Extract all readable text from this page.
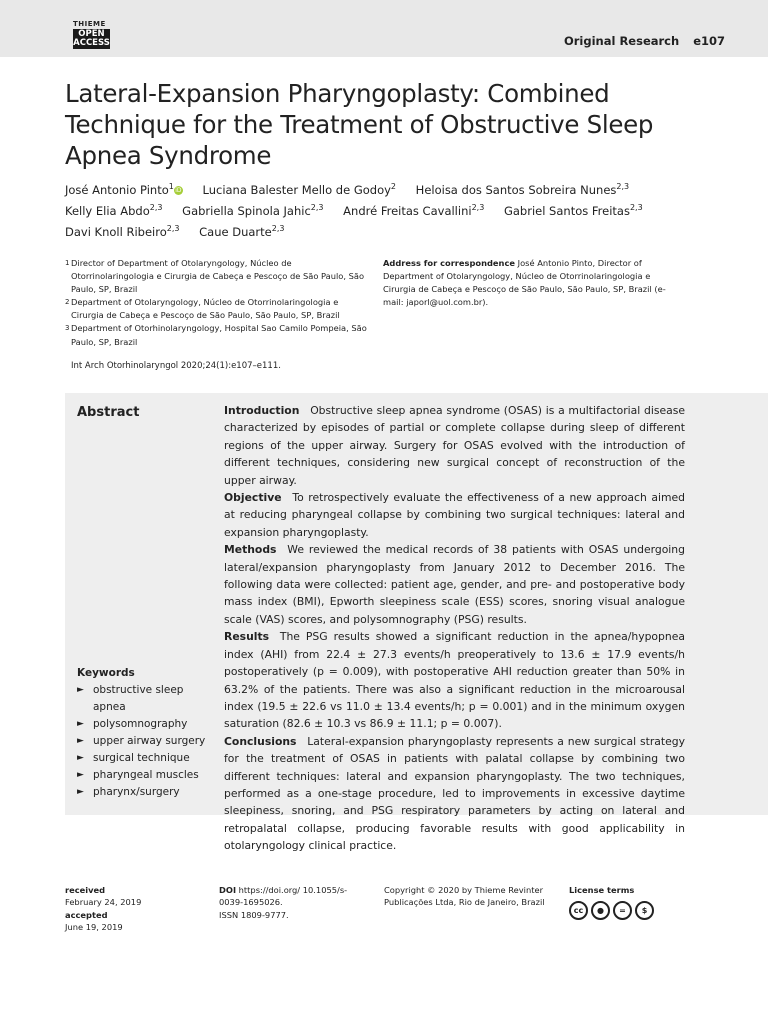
THIEME
OPEN
ACCESS	Original Research e107
Lateral-Expansion Pharyngoplasty: Combined Technique for the Treatment of Obstructive Sleep Apnea Syndrome
José Antonio Pinto$^1$iD Luciana Balester Mello de Godoy$^2$ Heloisa dos Santos Sobreira Nunes$^{2,3}$
Kelly Elia Abdo$^{2,3}$ Gabriella Spinola Jahic$^{2,3}$ André Freitas Cavallini$^{2,3}$ Gabriel Santos Freitas$^{2,3}$
Davi Knoll Ribeiro$^{2,3}$ Caue Duarte$^{2,3}$
1 Director of Department of Otolaryngology, Núcleo de Otorrinolaringologia e Cirurgia de Cabeça e Pescoço de São Paulo, São Paulo, SP, Brazil
2 Department of Otolaryngology, Núcleo de Otorrinolaringologia e Cirurgia de Cabeça e Pescoço de São Paulo, São Paulo, SP, Brazil
3 Department of Otorhinolaryngology, Hospital Sao Camilo Pompeia, São Paulo, SP, Brazil
Address for correspondence José Antonio Pinto, Director of Department of Otolaryngology, Núcleo de Otorrinolaringologia e Cirurgia de Cabeça e Pescoço de São Paulo, São Paulo, SP, Brazil (e-mail: japorl@uol.com.br).
Int Arch Otorhinolaryngol 2020;24(1):e107–e111.
Abstract	Introduction  Obstructive sleep apnea syndrome (OSAS) is a multifactorial disease characterized by episodes of partial or complete collapse during sleep of different regions of the upper airway. Surgery for OSAS evolved with the introduction of different techniques, considering new surgical concept of reconstruction of the upper airway.

Objective  To retrospectively evaluate the effectiveness of a new approach aimed at reducing pharyngeal collapse by combining two surgical techniques: lateral and expansion pharyngoplasty.

Methods  We reviewed the medical records of 38 patients with OSAS undergoing lateral/expansion pharyngoplasty from January 2012 to December 2016. The following data were collected: patient age, gender, and pre- and postoperative body mass index (BMI), Epworth sleepiness scale (ESS) scores, snoring visual analogue scale (VAS) scores, and polysomnography (PSG) results.

Results  The PSG results showed a significant reduction in the apnea/hypopnea index (AHI) from 22.4 ± 27.3 events/h preoperatively to 13.6 ± 17.9 events/h postoperatively (p = 0.009), with postoperative AHI reduction greater than 50% in 63.2% of the patients. There was also a significant reduction in the microarousal index (19.5 ± 22.6 vs 11.0 ± 13.4 events/h; p = 0.001) and in the minimum oxygen saturation (82.6 ± 10.3 vs 86.9 ± 11.1; p = 0.007).

Conclusions  Lateral-expansion pharyngoplasty represents a new surgical strategy for the treatment of OSAS in patients with palatal collapse by combining two different techniques: lateral and expansion pharyngoplasty. The two techniques, performed as a one-stage procedure, led to improvements in excessive daytime sleepiness, snoring, and PSG respiratory parameters by acting on lateral and retropalatal collapse, producing favorable results with good applicability in otolaryngology clinical practice.

Keywords
► obstructive sleep apnea
► polysomnography
► upper airway surgery
► surgical technique
► pharyngeal muscles
► pharynx/surgery
received
February 24, 2019
accepted
June 19, 2019
DOI https://doi.org/ 10.1055/s-0039-1695026.
ISSN 1809-9777.
Copyright © 2020 by Thieme Revinter Publicações Ltda, Rio de Janeiro, Brazil
License terms
cc	●	=	$
